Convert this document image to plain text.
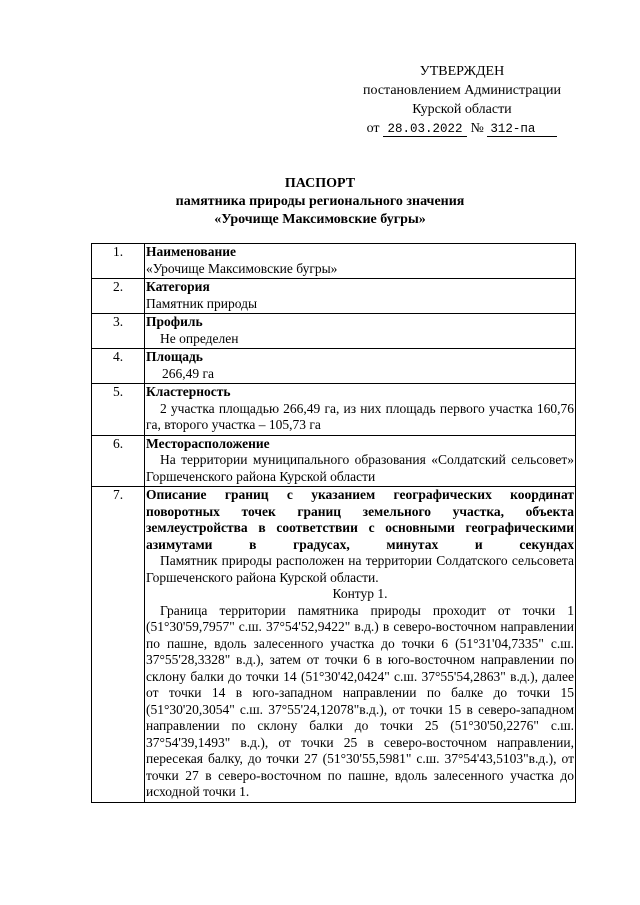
УТВЕРЖДЕН
постановлением Администрации
Курской области
от 28.03.2022 № 312-па
ПАСПОРТ
памятника природы регионального значения
«Урочище Максимовские бугры»
1.	Наименование

«Урочище Максимовские бугры»

2.	Категория

Памятник природы

3.	Профиль

Не определен

4.	Площадь

266,49 га

5.	Кластерность

2 участка площадью 266,49 га, из них площадь первого участка 160,76 га, второго участка – 105,73 га

6.	Месторасположение

На территории муниципального образования «Солдатский сельсовет» Горшеченского района Курской области

7.	Описание границ с указанием географических координат поворотных точек границ земельного участка, объекта землеустройства в соответствии с основными географическими азимутами в градусах, минутах и секундах

Памятник природы расположен на территории Солдатского сельсовета Горшеченского района Курской области.

Контур 1.

Граница территории памятника природы проходит от точки 1 (51°30'59,7957" с.ш. 37°54'52,9422" в.д.) в северо-восточном направлении по пашне, вдоль залесенного участка до точки 6 (51°31'04,7335" с.ш. 37°55'28,3328" в.д.), затем от точки 6 в юго-восточном направлении по склону балки до точки 14 (51°30'42,0424" с.ш. 37°55'54,2863" в.д.), далее от точки 14 в юго-западном направлении по балке до точки 15 (51°30'20,3054" с.ш. 37°55'24,12078"в.д.), от точки 15 в северо-западном направлении по склону балки до точки 25 (51°30'50,2276" с.ш. 37°54'39,1493" в.д.), от точки 25 в северо-восточном направлении, пересекая балку, до точки 27 (51°30'55,5981" с.ш. 37°54'43,5103"в.д.), от точки 27 в северо-восточном по пашне, вдоль залесенного участка до исходной точки 1.
